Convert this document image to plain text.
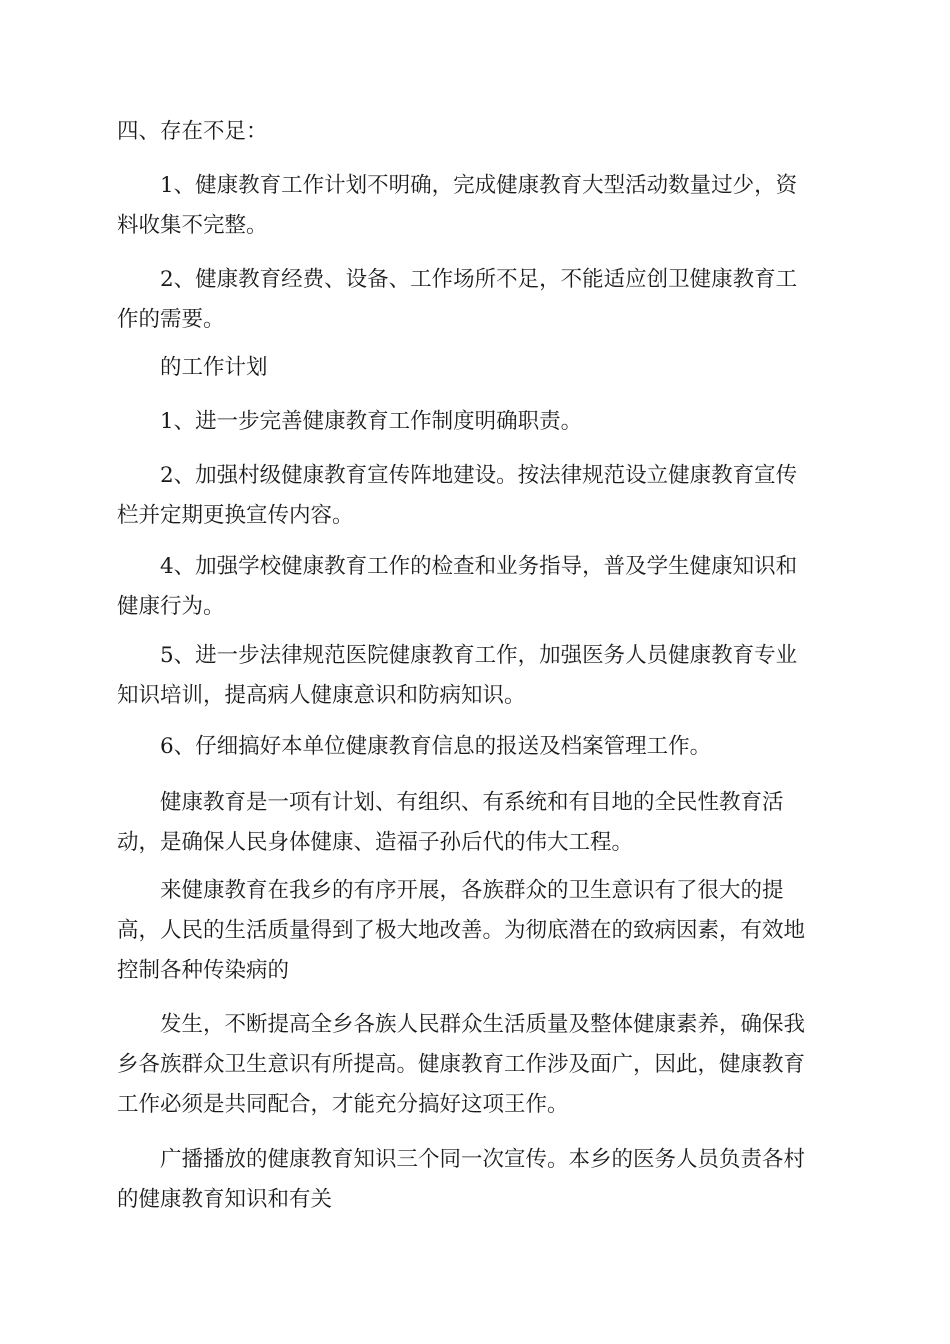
四、存在不足：
1、健康教育工作计划不明确，完成健康教育大型活动数量过少，资
料收集不完整。
2、健康教育经费、设备、工作场所不足，不能适应创卫健康教育工
作的需要。
的工作计划
1、进一步完善健康教育工作制度明确职责。
2、加强村级健康教育宣传阵地建设。按法律规范设立健康教育宣传
栏并定期更换宣传内容。
4、加强学校健康教育工作的检查和业务指导，普及学生健康知识和
健康行为。
5、进一步法律规范医院健康教育工作，加强医务人员健康教育专业
知识培训，提高病人健康意识和防病知识。
6、仔细搞好本单位健康教育信息的报送及档案管理工作。
健康教育是一项有计划、有组织、有系统和有目地的全民性教育活
动，是确保人民身体健康、造福子孙后代的伟大工程。
来健康教育在我乡的有序开展，各族群众的卫生意识有了很大的提
高，人民的生活质量得到了极大地改善。为彻底潜在的致病因素，有效地
控制各种传染病的
发生，不断提高全乡各族人民群众生活质量及整体健康素养，确保我
乡各族群众卫生意识有所提高。健康教育工作涉及面广，因此，健康教育
工作必须是共同配合，才能充分搞好这项王作。
广播播放的健康教育知识三个同一次宣传。本乡的医务人员负责各村
的健康教育知识和有关
